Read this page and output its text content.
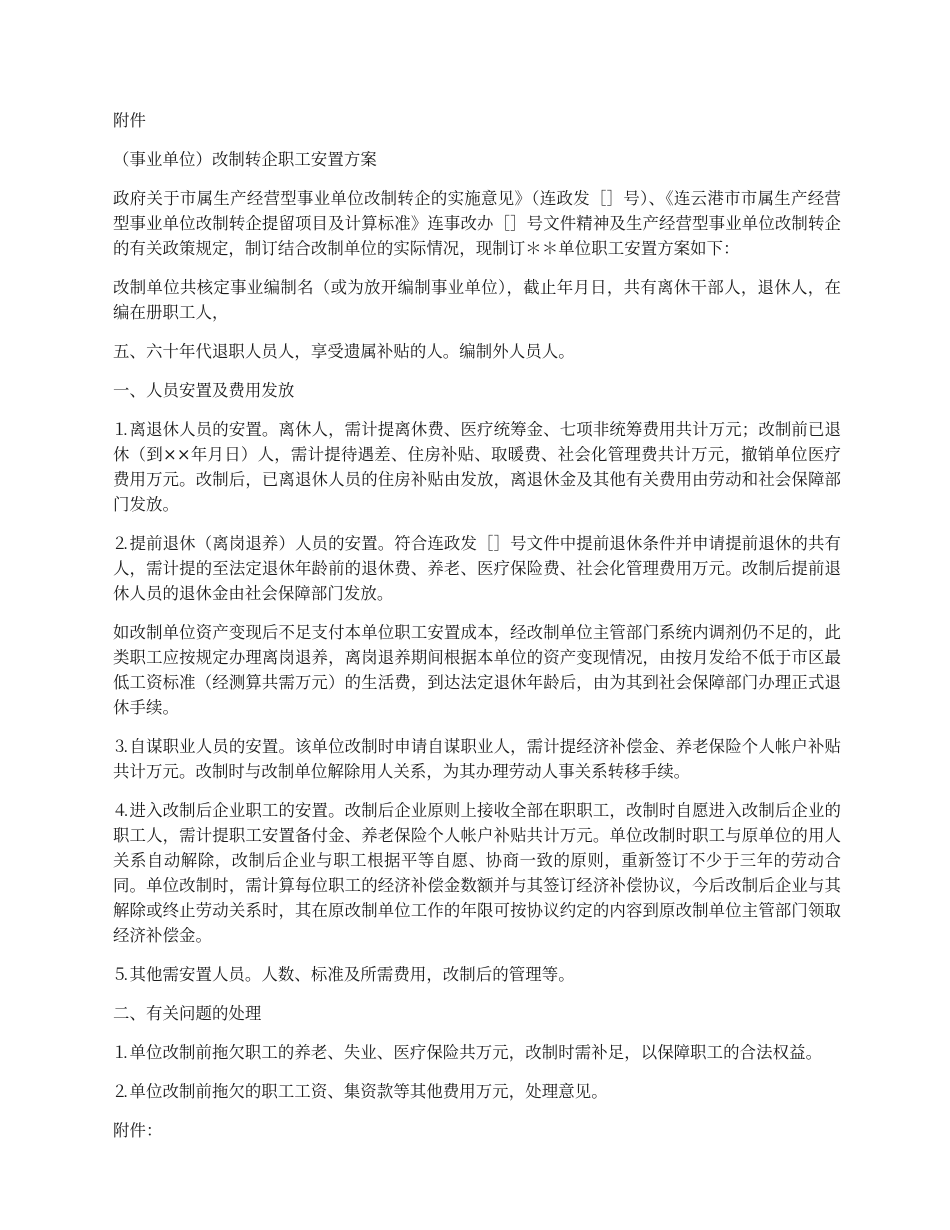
附件

（事业单位）改制转企职工安置方案

政府关于市属生产经营型事业单位改制转企的实施意见》（连政发［］号）、《连云港市市属生产经营型事业单位改制转企提留项目及计算标准》连事改办［］号文件精神及生产经营型事业单位改制转企的有关政策规定，制订结合改制单位的实际情况，现制订＊＊单位职工安置方案如下：

改制单位共核定事业编制名（或为放开编制事业单位），截止年月日，共有离休干部人，退休人，在编在册职工人，

五、六十年代退职人员人，享受遗属补贴的人。编制外人员人。

一、人员安置及费用发放

⒈离退休人员的安置。离休人，需计提离休费、医疗统筹金、七项非统筹费用共计万元；改制前已退休（到××年月日）人，需计提待遇差、住房补贴、取暖费、社会化管理费共计万元，撤销单位医疗费用万元。改制后，已离退休人员的住房补贴由发放，离退休金及其他有关费用由劳动和社会保障部门发放。

⒉提前退休（离岗退养）人员的安置。符合连政发［］号文件中提前退休条件并申请提前退休的共有人，需计提的至法定退休年龄前的退休费、养老、医疗保险费、社会化管理费用万元。改制后提前退休人员的退休金由社会保障部门发放。

如改制单位资产变现后不足支付本单位职工安置成本，经改制单位主管部门系统内调剂仍不足的，此类职工应按规定办理离岗退养，离岗退养期间根据本单位的资产变现情况，由按月发给不低于市区最低工资标准（经测算共需万元）的生活费，到达法定退休年龄后，由为其到社会保障部门办理正式退休手续。

⒊自谋职业人员的安置。该单位改制时申请自谋职业人，需计提经济补偿金、养老保险个人帐户补贴共计万元。改制时与改制单位解除用人关系，为其办理劳动人事关系转移手续。

⒋进入改制后企业职工的安置。改制后企业原则上接收全部在职职工，改制时自愿进入改制后企业的职工人，需计提职工安置备付金、养老保险个人帐户补贴共计万元。单位改制时职工与原单位的用人关系自动解除，改制后企业与职工根据平等自愿、协商一致的原则，重新签订不少于三年的劳动合同。单位改制时，需计算每位职工的经济补偿金数额并与其签订经济补偿协议，今后改制后企业与其解除或终止劳动关系时，其在原改制单位工作的年限可按协议约定的内容到原改制单位主管部门领取经济补偿金。

⒌其他需安置人员。人数、标准及所需费用，改制后的管理等。

二、有关问题的处理

⒈单位改制前拖欠职工的养老、失业、医疗保险共万元，改制时需补足，以保障职工的合法权益。

⒉单位改制前拖欠的职工工资、集资款等其他费用万元，处理意见。

附件：
